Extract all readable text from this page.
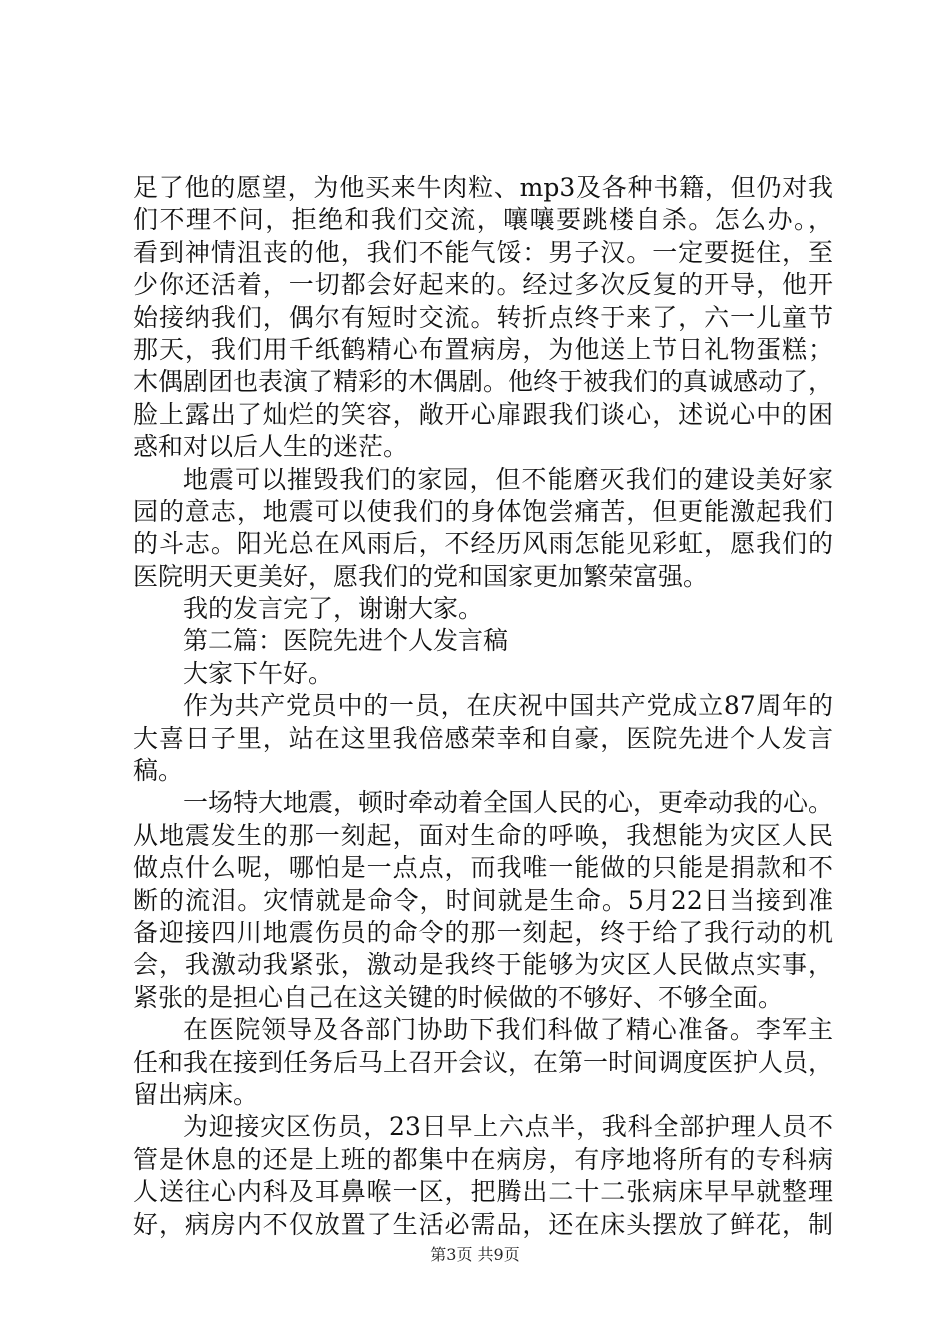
足了他的愿望，为他买来牛肉粒、mp3及各种书籍，但仍对我
们不理不问，拒绝和我们交流，嚷嚷要跳楼自杀。怎么办。，
看到神情沮丧的他，我们不能气馁：男子汉。一定要挺住，至
少你还活着，一切都会好起来的。经过多次反复的开导，他开
始接纳我们，偶尔有短时交流。转折点终于来了，六一儿童节
那天，我们用千纸鹤精心布置病房，为他送上节日礼物蛋糕；
木偶剧团也表演了精彩的木偶剧。他终于被我们的真诚感动了，
脸上露出了灿烂的笑容，敞开心扉跟我们谈心，述说心中的困
惑和对以后人生的迷茫。
地震可以摧毁我们的家园，但不能磨灭我们的建设美好家
园的意志，地震可以使我们的身体饱尝痛苦，但更能激起我们
的斗志。阳光总在风雨后，不经历风雨怎能见彩虹，愿我们的
医院明天更美好，愿我们的党和国家更加繁荣富强。
我的发言完了，谢谢大家。
第二篇：医院先进个人发言稿
大家下午好。
作为共产党员中的一员，在庆祝中国共产党成立87周年的
大喜日子里，站在这里我倍感荣幸和自豪，医院先进个人发言
稿。
一场特大地震，顿时牵动着全国人民的心，更牵动我的心。
从地震发生的那一刻起，面对生命的呼唤，我想能为灾区人民
做点什么呢，哪怕是一点点，而我唯一能做的只能是捐款和不
断的流泪。灾情就是命令，时间就是生命。5月22日当接到准
备迎接四川地震伤员的命令的那一刻起，终于给了我行动的机
会，我激动我紧张，激动是我终于能够为灾区人民做点实事，
紧张的是担心自己在这关键的时候做的不够好、不够全面。
在医院领导及各部门协助下我们科做了精心准备。李军主
任和我在接到任务后马上召开会议，在第一时间调度医护人员，
留出病床。
为迎接灾区伤员，23日早上六点半，我科全部护理人员不
管是休息的还是上班的都集中在病房，有序地将所有的专科病
人送往心内科及耳鼻喉一区，把腾出二十二张病床早早就整理
好，病房内不仅放置了生活必需品，还在床头摆放了鲜花，制
第3页 共9页
